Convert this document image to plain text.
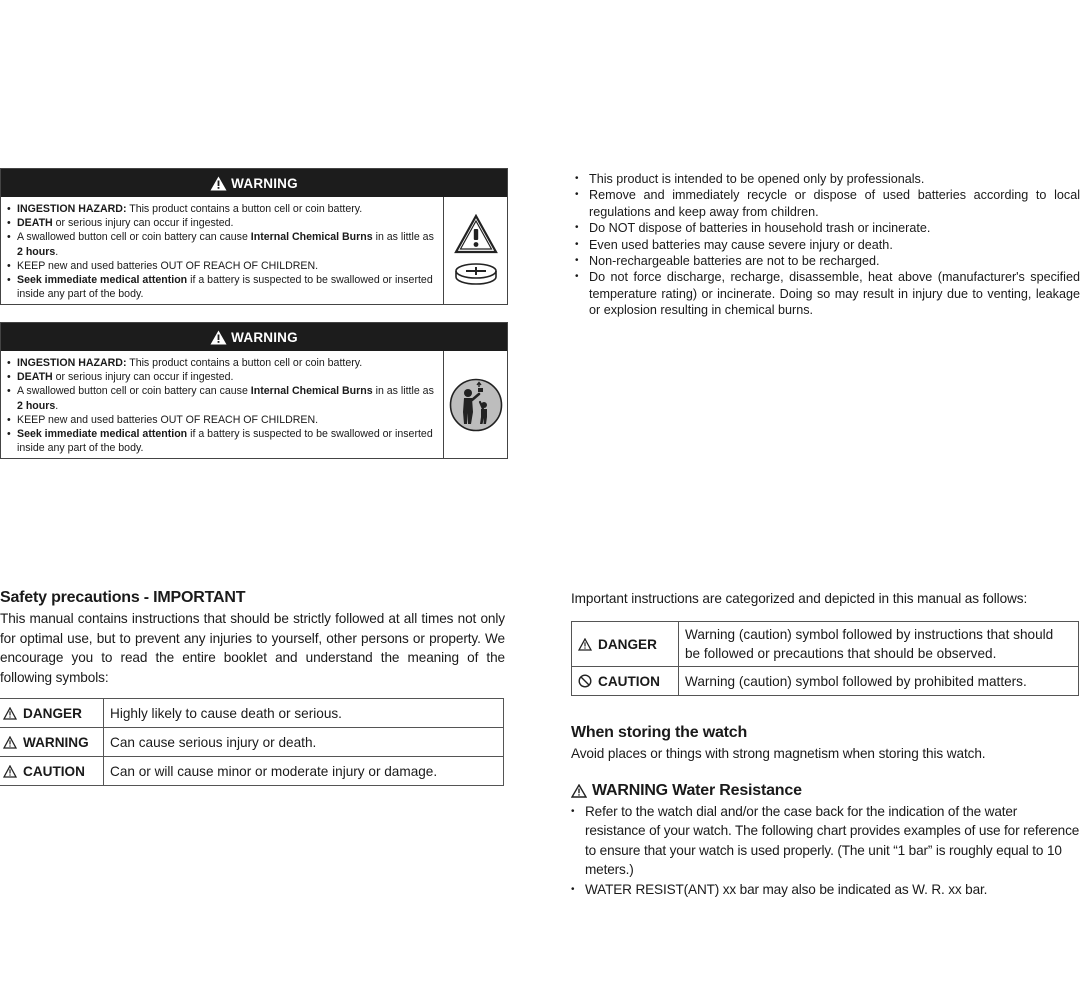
WARNING
• INGESTION HAZARD: This product contains a button cell or coin battery.
• DEATH or serious injury can occur if ingested.
• A swallowed button cell or coin battery can cause Internal Chemical Burns in as little as 2 hours.
• KEEP new and used batteries OUT OF REACH OF CHILDREN.
• Seek immediate medical attention if a battery is suspected to be swallowed or inserted inside any part of the body.
WARNING
• INGESTION HAZARD: This product contains a button cell or coin battery.
• DEATH or serious injury can occur if ingested.
• A swallowed button cell or coin battery can cause Internal Chemical Burns in as little as 2 hours.
• KEEP new and used batteries OUT OF REACH OF CHILDREN.
• Seek immediate medical attention if a battery is suspected to be swallowed or inserted inside any part of the body.
• This product is intended to be opened only by professionals.
• Remove and immediately recycle or dispose of used batteries according to local regulations and keep away from children.
• Do NOT dispose of batteries in household trash or incinerate.
• Even used batteries may cause severe injury or death.
• Non-rechargeable batteries are not to be recharged.
• Do not force discharge, recharge, disassemble, heat above (manufacturer's specified temperature rating) or incinerate. Doing so may result in injury due to venting, leakage or explosion resulting in chemical burns.
Safety precautions - IMPORTANT

This manual contains instructions that should be strictly followed at all times not only for optimal use, but to prevent any injuries to yourself, other persons or property. We encourage you to read the entire booklet and understand the meaning of the following symbols:

DANGER	Highly likely to cause death or serious.
WARNING	Can cause serious injury or death.
CAUTION	Can or will cause minor or moderate injury or damage.

Important instructions are categorized and depicted in this manual as follows:

DANGER	Warning (caution) symbol followed by instructions that should be followed or precautions that should be observed.
CAUTION	Warning (caution) symbol followed by prohibited matters.
When storing the watch

Avoid places or things with strong magnetism when storing this watch.

WARNING Water Resistance
• Refer to the watch dial and/or the case back for the indication of the water resistance of your watch. The following chart provides examples of use for reference to ensure that your watch is used properly. (The unit “1 bar” is roughly equal to 10 meters.)
• WATER RESIST(ANT) xx bar may also be indicated as W. R. xx bar.
